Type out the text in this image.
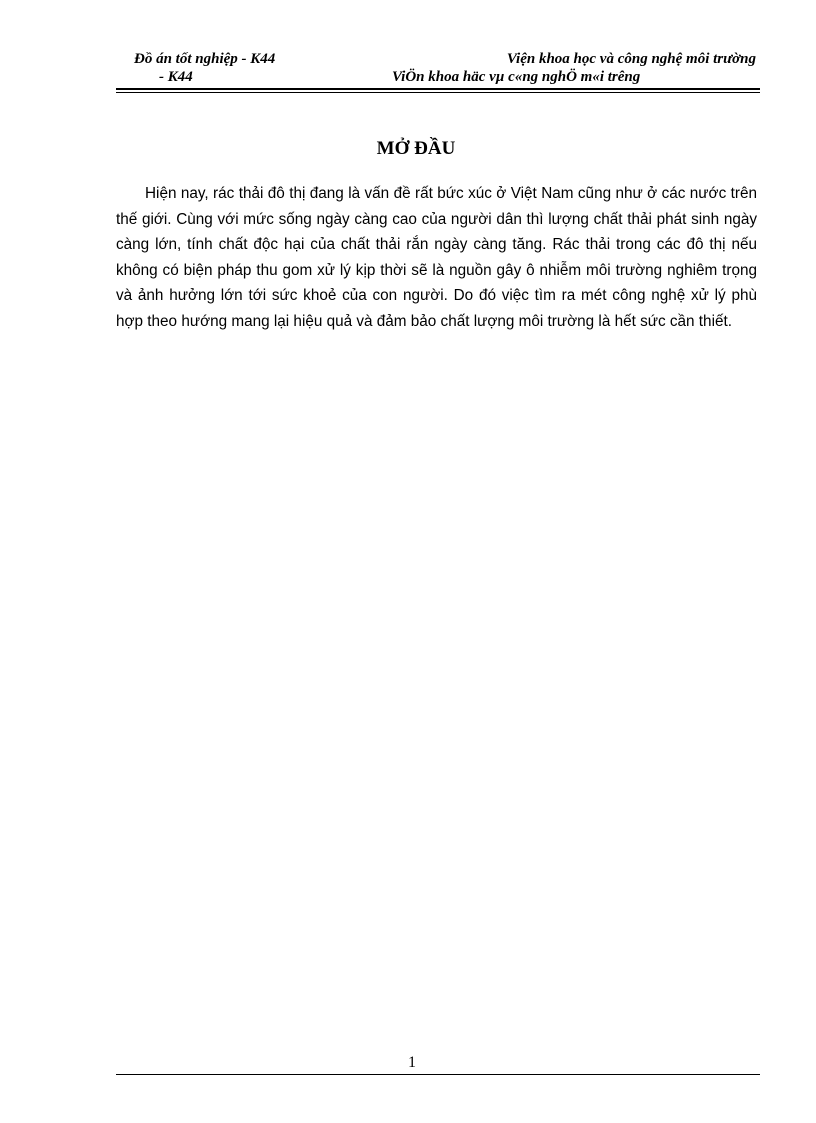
Đồ án tốt nghiệp - K44	Viện khoa học và công nghệ môi trường
- K44	ViÖn khoa häc vµ c«ng nghÖ m«i trêng
MỞ ĐẦU

Hiện nay, rác thải đô thị đang là vấn đề rất bức xúc ở Việt Nam cũng như ở các nước trên thế giới. Cùng với mức sống ngày càng cao của người dân thì lượng chất thải phát sinh ngày càng lớn, tính chất độc hại của chất thải rắn ngày càng tăng. Rác thải trong các đô thị nếu không có biện pháp thu gom xử lý kịp thời sẽ là nguồn gây ô nhiễm môi trường nghiêm trọng và ảnh hưởng lớn tới sức khoẻ của con người. Do đó việc tìm ra mét công nghệ xử lý phù hợp theo hướng mang lại hiệu quả và đảm bảo chất lượng môi trường là hết sức cần thiết.

1
